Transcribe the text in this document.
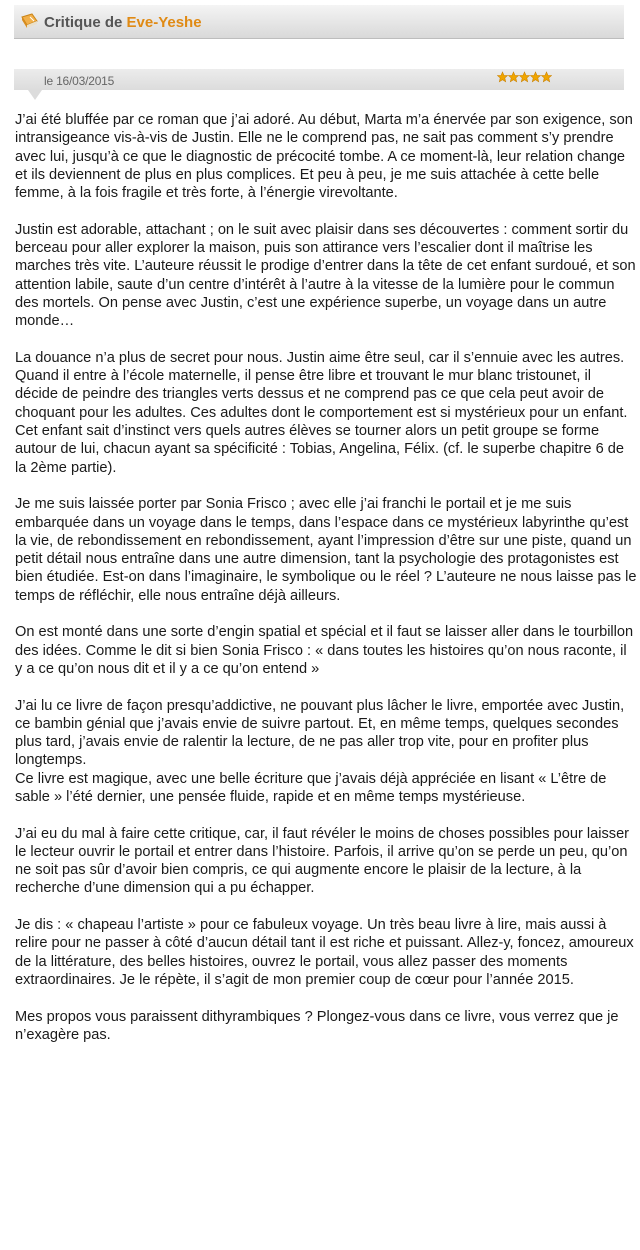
Critique de Eve-Yeshe
le 16/03/2015

J’ai été bluffée par ce roman que j’ai adoré. Au début, Marta m’a énervée par son exigence, son intransigeance vis-à-vis de Justin. Elle ne le comprend pas, ne sait pas comment s’y prendre avec lui, jusqu’à ce que le diagnostic de précocité tombe. A ce moment-là, leur relation change et ils deviennent de plus en plus complices. Et peu à peu, je me suis attachée à cette belle femme, à la fois fragile et très forte, à l’énergie virevoltante.

Justin est adorable, attachant ; on le suit avec plaisir dans ses découvertes : comment sortir du berceau pour aller explorer la maison, puis son attirance vers l’escalier dont il maîtrise les marches très vite. L’auteure réussit le prodige d’entrer dans la tête de cet enfant surdoué, et son attention labile, saute d’un centre d’intérêt à l’autre à la vitesse de la lumière pour le commun des mortels. On pense avec Justin, c’est une expérience superbe, un voyage dans un autre monde…

La douance n’a plus de secret pour nous. Justin aime être seul, car il s’ennuie avec les autres. Quand il entre à l’école maternelle, il pense être libre et trouvant le mur blanc tristounet, il décide de peindre des triangles verts dessus et ne comprend pas ce que cela peut avoir de choquant pour les adultes. Ces adultes dont le comportement est si mystérieux pour un enfant.
Cet enfant sait d’instinct vers quels autres élèves se tourner alors un petit groupe se forme autour de lui, chacun ayant sa spécificité : Tobias, Angelina, Félix. (cf. le superbe chapitre 6 de la 2ème partie).

Je me suis laissée porter par Sonia Frisco ; avec elle j’ai franchi le portail et je me suis embarquée dans un voyage dans le temps, dans l’espace dans ce mystérieux labyrinthe qu’est la vie, de rebondissement en rebondissement, ayant l’impression d’être sur une piste, quand un petit détail nous entraîne dans une autre dimension, tant la psychologie des protagonistes est bien étudiée. Est-on dans l’imaginaire, le symbolique ou le réel ? L’auteure ne nous laisse pas le temps de réfléchir, elle nous entraîne déjà ailleurs.

On est monté dans une sorte d’engin spatial et spécial et il faut se laisser aller dans le tourbillon des idées. Comme le dit si bien Sonia Frisco : « dans toutes les histoires qu’on nous raconte, il y a ce qu’on nous dit et il y a ce qu’on entend »

J’ai lu ce livre de façon presqu’addictive, ne pouvant plus lâcher le livre, emportée avec Justin, ce bambin génial que j’avais envie de suivre partout. Et, en même temps, quelques secondes plus tard, j’avais envie de ralentir la lecture, de ne pas aller trop vite, pour en profiter plus longtemps.
Ce livre est magique, avec une belle écriture que j’avais déjà appréciée en lisant « L’être de sable » l’été dernier, une pensée fluide, rapide et en même temps mystérieuse.

J’ai eu du mal à faire cette critique, car, il faut révéler le moins de choses possibles pour laisser le lecteur ouvrir le portail et entrer dans l’histoire. Parfois, il arrive qu’on se perde un peu, qu’on ne soit pas sûr d’avoir bien compris, ce qui augmente encore le plaisir de la lecture, à la recherche d’une dimension qui a pu échapper.

Je dis : « chapeau l’artiste » pour ce fabuleux voyage. Un très beau livre à lire, mais aussi à relire pour ne passer à côté d’aucun détail tant il est riche et puissant. Allez-y, foncez, amoureux de la littérature, des belles histoires, ouvrez le portail, vous allez passer des moments extraordinaires. Je le répète, il s’agit de mon premier coup de cœur pour l’année 2015.

Mes propos vous paraissent dithyrambiques ? Plongez-vous dans ce livre, vous verrez que je n’exagère pas.
